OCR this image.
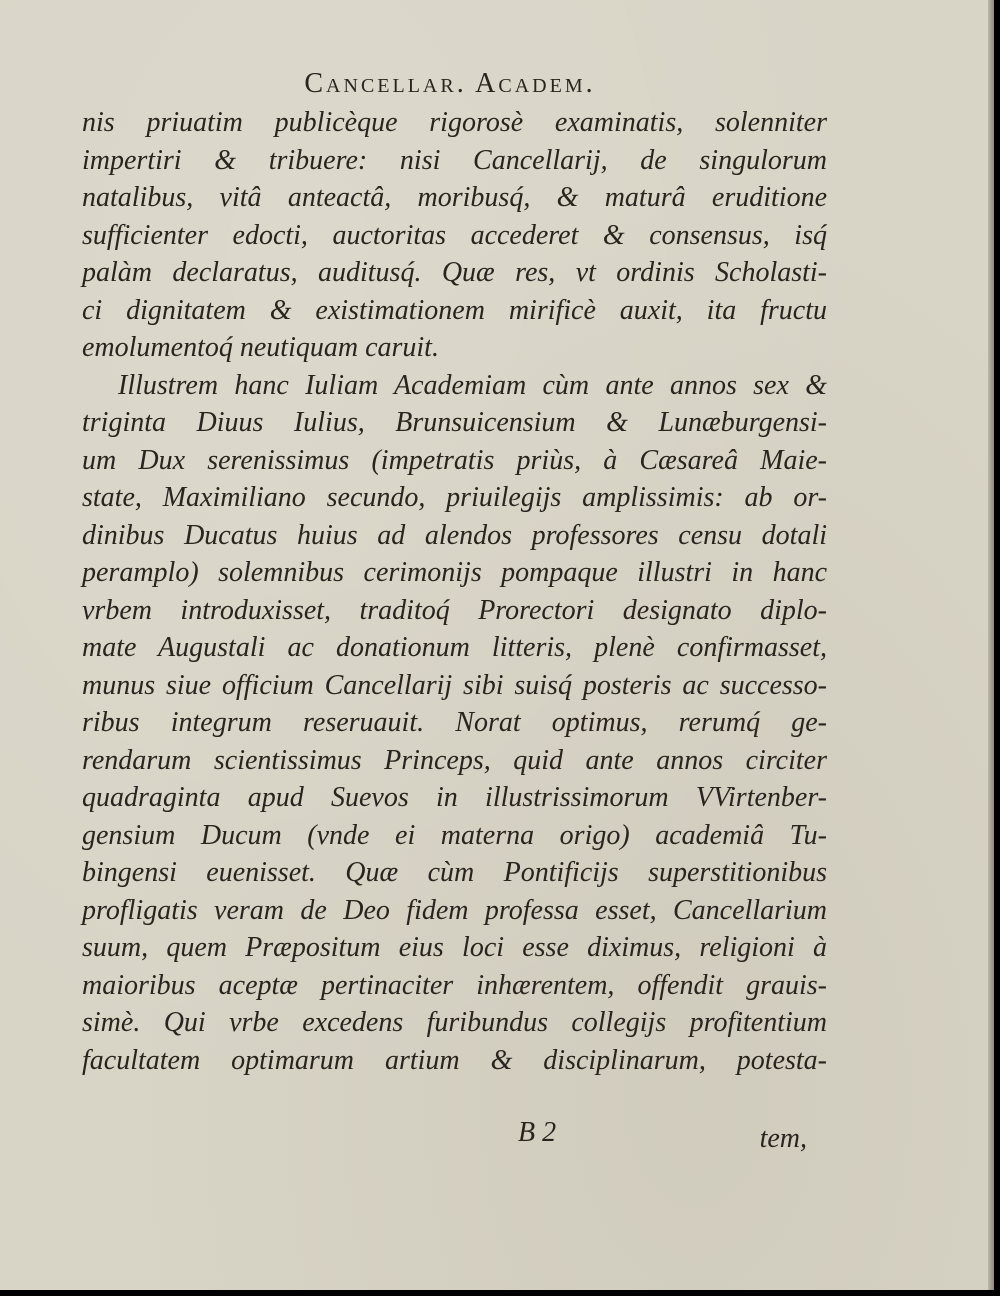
Cancellar. Academ.
nis priuatim publicèque rigorosè examinatis, solenniter
impertiri & tribuere: nisi Cancellarij, de singulorum
natalibus, vitâ anteactâ, moribusq́, & maturâ eruditione
sufficienter edocti, auctoritas accederet & consensus, isq́
palàm declaratus, auditusq́. Quæ res, vt ordinis Scholasti-
ci dignitatem & existimationem mirificè auxit, ita fructu
emolumentoq́ neutiquam caruit.
Illustrem hanc Iuliam Academiam cùm ante annos sex &
triginta Diuus Iulius, Brunsuicensium & Lunæburgensi-
um Dux serenissimus (impetratis priùs, à Cæsareâ Maie-
state, Maximiliano secundo, priuilegijs amplissimis: ab or-
dinibus Ducatus huius ad alendos professores censu dotali
peramplo) solemnibus cerimonijs pompaque illustri in hanc
vrbem introduxisset, traditoq́ Prorectori designato diplo-
mate Augustali ac donationum litteris, plenè confirmasset,
munus siue officium Cancellarij sibi suisq́ posteris ac successo-
ribus integrum reseruauit. Norat optimus, rerumq́ ge-
rendarum scientissimus Princeps, quid ante annos circiter
quadraginta apud Suevos in illustrissimorum VVirtenber-
gensium Ducum (vnde ei materna origo) academiâ Tu-
bingensi euenisset. Quæ cùm Pontificijs superstitionibus
profligatis veram de Deo fidem professa esset, Cancellarium
suum, quem Præpositum eius loci esse diximus, religioni à
maioribus aceptæ pertinaciter inhærentem, offendit grauis-
simè. Qui vrbe excedens furibundus collegijs profitentium
facultatem optimarum artium & disciplinarum, potesta-
B 2	tem,
